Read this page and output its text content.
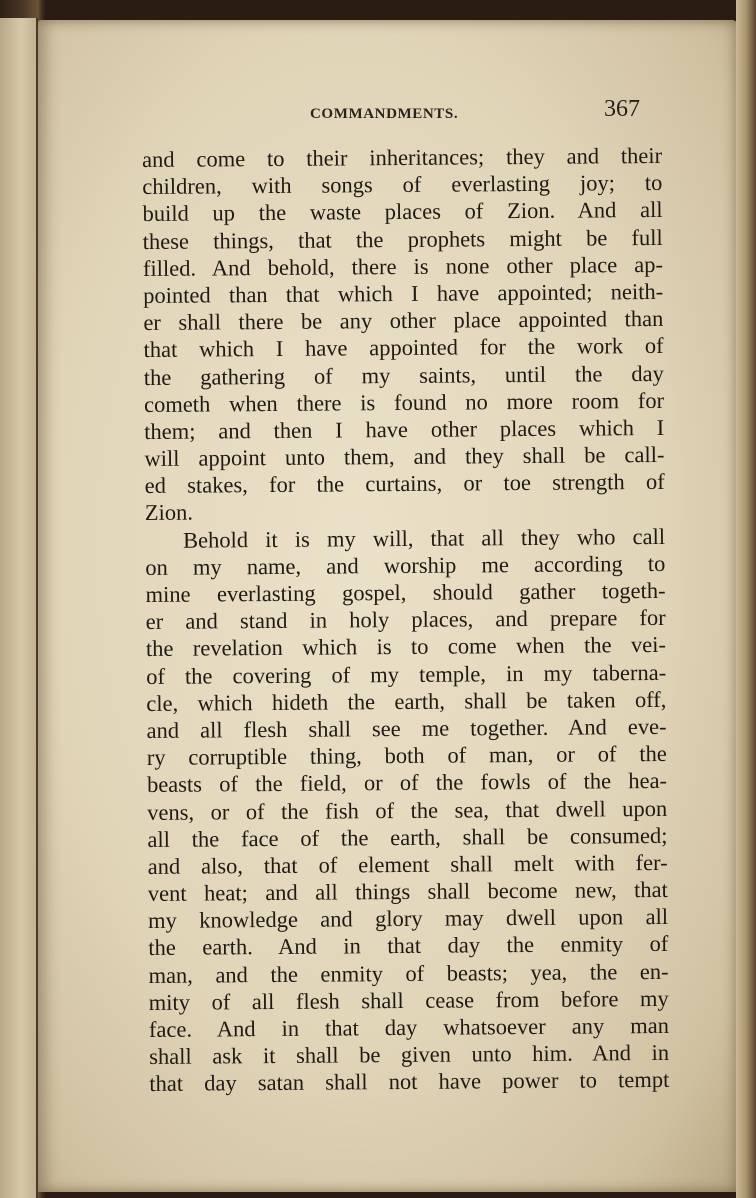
COMMANDMENTS.	367
and come to their inheritances; they and their
children, with songs of everlasting joy; to
build up the waste places of Zion. And all
these things, that the prophets might be full
filled. And behold, there is none other place ap-
pointed than that which I have appointed; neith-
er shall there be any other place appointed than
that which I have appointed for the work of
the gathering of my saints, until the day
cometh when there is found no more room for
them; and then I have other places which I
will appoint unto them, and they shall be call-
ed stakes, for the curtains, or toe strength of
Zion.
Behold it is my will, that all they who call
on my name, and worship me according to
mine everlasting gospel, should gather togeth-
er and stand in holy places, and prepare for
the revelation which is to come when the vei-
of the covering of my temple, in my taberna-
cle, which hideth the earth, shall be taken off,
and all flesh shall see me together. And eve-
ry corruptible thing, both of man, or of the
beasts of the field, or of the fowls of the hea-
vens, or of the fish of the sea, that dwell upon
all the face of the earth, shall be consumed;
and also, that of element shall melt with fer-
vent heat; and all things shall become new, that
my knowledge and glory may dwell upon all
the earth. And in that day the enmity of
man, and the enmity of beasts; yea, the en-
mity of all flesh shall cease from before my
face. And in that day whatsoever any man
shall ask it shall be given unto him. And in
that day satan shall not have power to tempt
